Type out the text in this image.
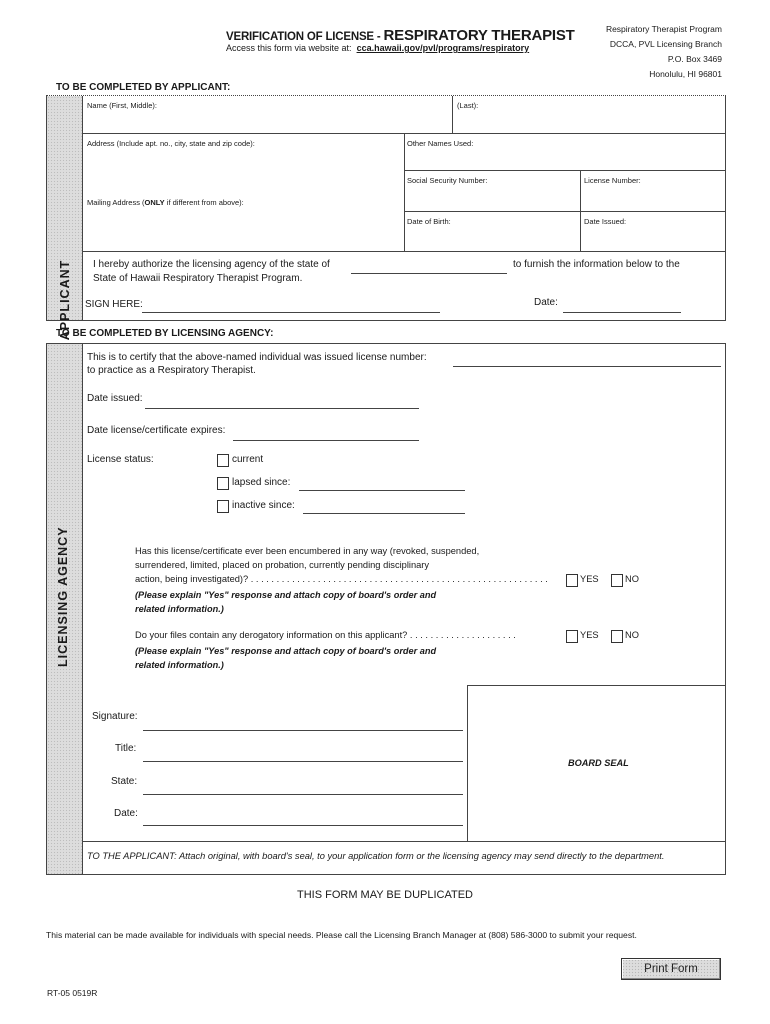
VERIFICATION OF LICENSE - RESPIRATORY THERAPIST
Access this form via website at: cca.hawaii.gov/pvl/programs/respiratory
Respiratory Therapist Program
DCCA, PVL Licensing Branch
P.O. Box 3469
Honolulu, HI 96801
TO BE COMPLETED BY APPLICANT:
APPLICANT
Name (First, Middle):	(Last):
Address (Include apt. no., city, state and zip code):
Mailing Address (ONLY if different from above):
Other Names Used:
Social Security Number:	License Number:
Date of Birth:	Date Issued:
I hereby authorize the licensing agency of the state of	to furnish the information below to the
State of Hawaii Respiratory Therapist Program.
SIGN HERE:	Date:
TO BE COMPLETED BY LICENSING AGENCY:
LICENSING AGENCY
This is to certify that the above-named individual was issued license number:
to practice as a Respiratory Therapist.
Date issued:
Date license/certificate expires:
License status:	current
lapsed since:
inactive since:
Has this license/certificate ever been encumbered in any way (revoked, suspended,
surrendered, limited, placed on probation, currently pending disciplinary
action, being investigated)? . . . . . . . . . . . . . . . . . . . . . . . . . . . . . . . . . . . . . . . . . . . . . . . . . . . . . . . . . .	YES	NO
(Please explain "Yes" response and attach copy of board's order and
related information.)
Do your files contain any derogatory information on this applicant? . . . . . . . . . . . . . . . . . . . . .	YES	NO
(Please explain "Yes" response and attach copy of board's order and
related information.)
Signature:
Title:
State:
Date:
BOARD SEAL
TO THE APPLICANT: Attach original, with board's seal, to your application form or the licensing agency may send directly to the department.
THIS FORM MAY BE DUPLICATED
This material can be made available for individuals with special needs. Please call the Licensing Branch Manager at (808) 586-3000 to submit your request.
RT-05 0519R
Print Form
